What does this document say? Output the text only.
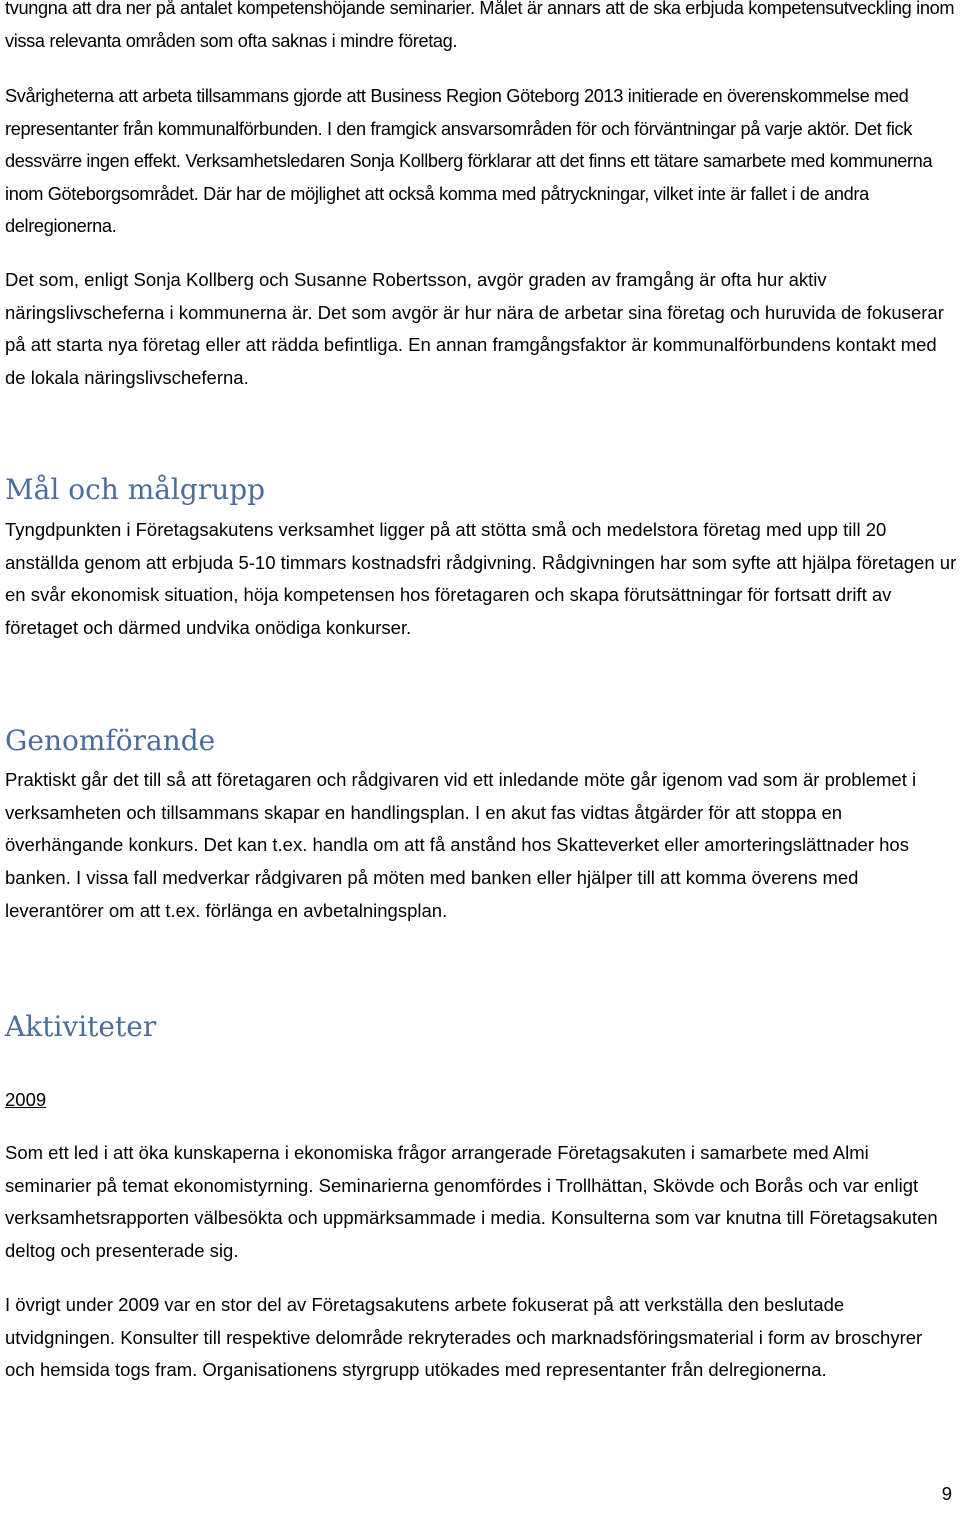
tvungna att dra ner på antalet kompetenshöjande seminarier. Målet är annars att de ska erbjuda kompetensutveckling inom vissa relevanta områden som ofta saknas i mindre företag.

Svårigheterna att arbeta tillsammans gjorde att Business Region Göteborg 2013 initierade en överenskommelse med representanter från kommunalförbunden. I den framgick ansvarsområden för och förväntningar på varje aktör. Det fick dessvärre ingen effekt. Verksamhetsledaren Sonja Kollberg förklarar att det finns ett tätare samarbete med kommunerna inom Göteborgsområdet. Där har de möjlighet att också komma med påtryckningar, vilket inte är fallet i de andra delregionerna.

Det som, enligt Sonja Kollberg och Susanne Robertsson, avgör graden av framgång är ofta hur aktiv näringslivscheferna i kommunerna är. Det som avgör är hur nära de arbetar sina företag och huruvida de fokuserar på att starta nya företag eller att rädda befintliga. En annan framgångsfaktor är kommunalförbundens kontakt med de lokala näringslivscheferna.

Mål och målgrupp

Tyngdpunkten i Företagsakutens verksamhet ligger på att stötta små och medelstora företag med upp till 20 anställda genom att erbjuda 5-10 timmars kostnadsfri rådgivning. Rådgivningen har som syfte att hjälpa företagen ur en svår ekonomisk situation, höja kompetensen hos företagaren och skapa förutsättningar för fortsatt drift av företaget och därmed undvika onödiga konkurser.

Genomförande

Praktiskt går det till så att företagaren och rådgivaren vid ett inledande möte går igenom vad som är problemet i verksamheten och tillsammans skapar en handlingsplan. I en akut fas vidtas åtgärder för att stoppa en överhängande konkurs. Det kan t.ex. handla om att få anstånd hos Skatteverket eller amorteringslättnader hos banken. I vissa fall medverkar rådgivaren på möten med banken eller hjälper till att komma överens med leverantörer om att t.ex. förlänga en avbetalningsplan.

Aktiviteter

2009

Som ett led i att öka kunskaperna i ekonomiska frågor arrangerade Företagsakuten i samarbete med Almi seminarier på temat ekonomistyrning. Seminarierna genomfördes i Trollhättan, Skövde och Borås och var enligt verksamhetsrapporten välbesökta och uppmärksammade i media. Konsulterna som var knutna till Företagsakuten deltog och presenterade sig.

I övrigt under 2009 var en stor del av Företagsakutens arbete fokuserat på att verkställa den beslutade utvidgningen. Konsulter till respektive delområde rekryterades och marknadsföringsmaterial i form av broschyrer och hemsida togs fram. Organisationens styrgrupp utökades med representanter från delregionerna.

9
